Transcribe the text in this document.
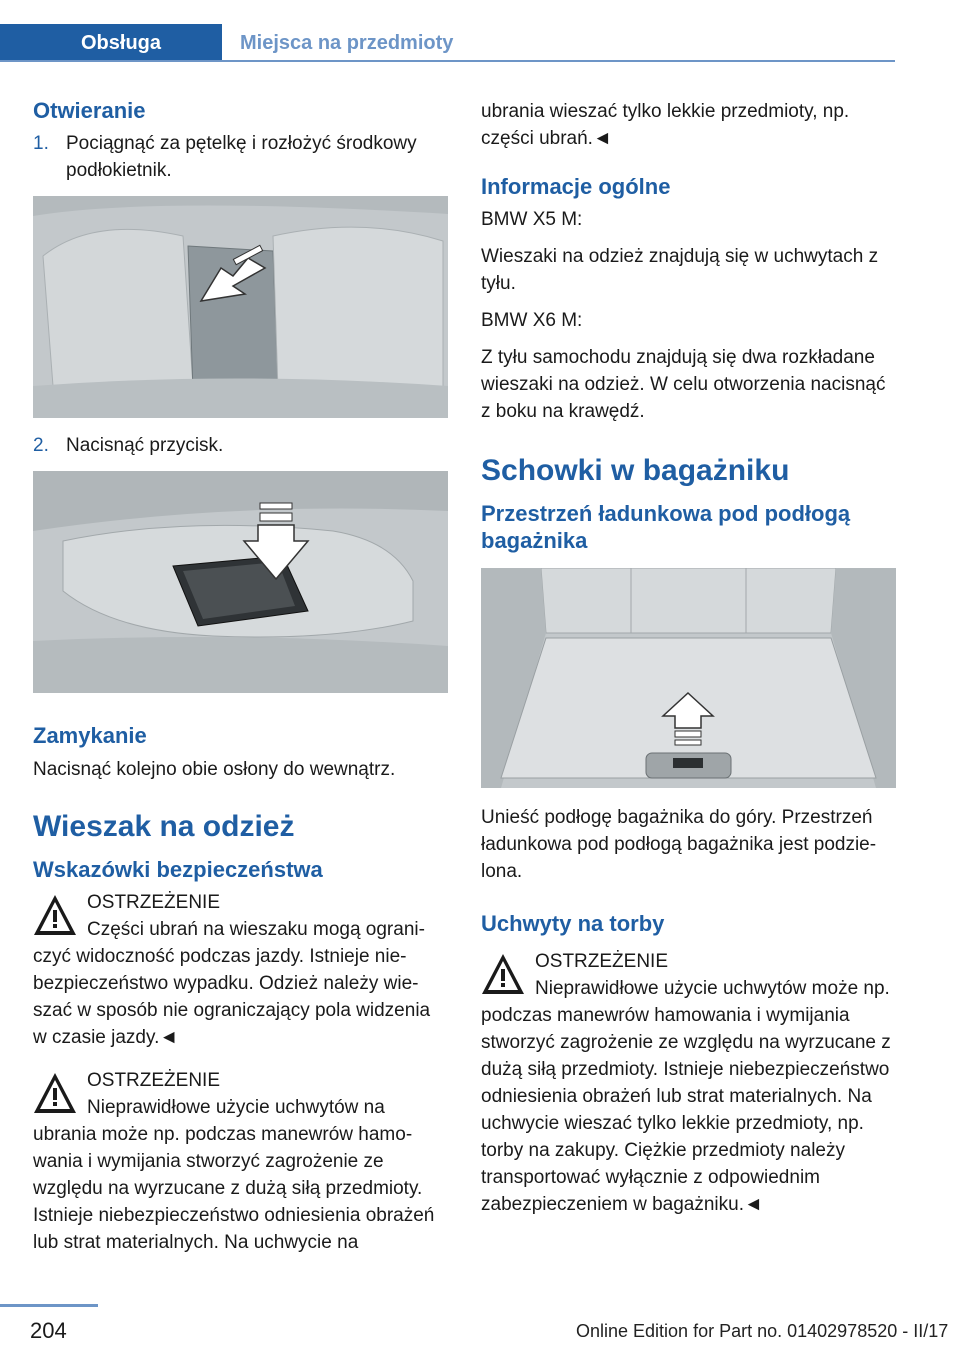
Obsługa	Miejsca na przedmioty
Otwieranie
1. Pociągnąć za pętelkę i rozłożyć środkowy podłokietnik.
2. Nacisnąć przycisk.
Zamykanie

Nacisnąć kolejno obie osłony do wewnątrz.

Wieszak na odzież
Wskazówki bezpieczeństwa

OSTRZEŻENIE

Części ubrań na wieszaku mogą ograniczyć widoczność podczas jazdy. Istnieje niebezpieczeństwo wypadku. Odzież należy wieszać w sposób nie ograniczający pola widzenia w czasie jazdy.◄

OSTRZEŻENIE

Nieprawidłowe użycie uchwytów na ubrania może np. podczas manewrów hamowania i wymijania stworzyć zagrożenie ze względu na wyrzucane z dużą siłą przedmioty. Istnieje niebezpieczeństwo odniesienia obrażeń lub strat materialnych. Na uchwycie na

ubrania wieszać tylko lekkie przedmioty, np. części ubrań.◄

Informacje ogólne

BMW X5 M:

Wieszaki na odzież znajdują się w uchwytach z tyłu.

BMW X6 M:

Z tyłu samochodu znajdują się dwa rozkładane wieszaki na odzież. W celu otworzenia nacisnąć z boku na krawędź.

Schowki w bagażniku
Przestrzeń ładunkowa pod podłogą bagażnika

Unieść podłogę bagażnika do góry. Przestrzeń ładunkowa pod podłogą bagażnika jest podzielona.

Uchwyty na torby

OSTRZEŻENIE

Nieprawidłowe użycie uchwytów może np. podczas manewrów hamowania i wymijania stworzyć zagrożenie ze względu na wyrzucane z dużą siłą przedmioty. Istnieje niebezpieczeństwo odniesienia obrażeń lub strat materialnych. Na uchwycie wieszać tylko lekkie przedmioty, np. torby na zakupy. Ciężkie przedmioty należy transportować wyłącznie z odpowiednim zabezpieczeniem w bagażniku.◄

204	Online Edition for Part no. 01402978520 - II/17
